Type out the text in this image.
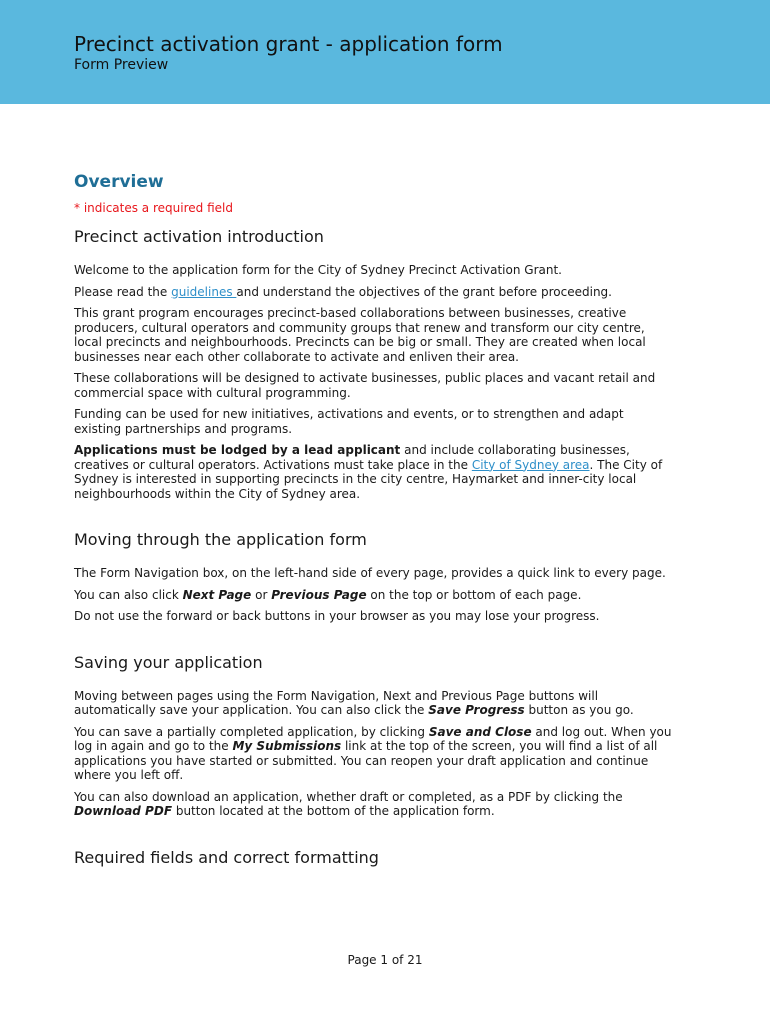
Precinct activation grant - application form
Form Preview
Overview
* indicates a required field
Precinct activation introduction

Welcome to the application form for the City of Sydney Precinct Activation Grant.

Please read the guidelines and understand the objectives of the grant before proceeding.

This grant program encourages precinct-based collaborations between businesses, creative producers, cultural operators and community groups that renew and transform our city centre, local precincts and neighbourhoods. Precincts can be big or small. They are created when local businesses near each other collaborate to activate and enliven their area.

These collaborations will be designed to activate businesses, public places and vacant retail and commercial space with cultural programming.

Funding can be used for new initiatives, activations and events, or to strengthen and adapt existing partnerships and programs.

Applications must be lodged by a lead applicant and include collaborating businesses, creatives or cultural operators. Activations must take place in the City of Sydney area. The City of Sydney is interested in supporting precincts in the city centre, Haymarket and inner-city local neighbourhoods within the City of Sydney area.

Moving through the application form

The Form Navigation box, on the left-hand side of every page, provides a quick link to every page.

You can also click Next Page or Previous Page on the top or bottom of each page.

Do not use the forward or back buttons in your browser as you may lose your progress.

Saving your application

Moving between pages using the Form Navigation, Next and Previous Page buttons will automatically save your application. You can also click the Save Progress button as you go.

You can save a partially completed application, by clicking Save and Close and log out. When you log in again and go to the My Submissions link at the top of the screen, you will find a list of all applications you have started or submitted. You can reopen your draft application and continue where you left off.

You can also download an application, whether draft or completed, as a PDF by clicking the Download PDF button located at the bottom of the application form.

Required fields and correct formatting
Page 1 of 21
